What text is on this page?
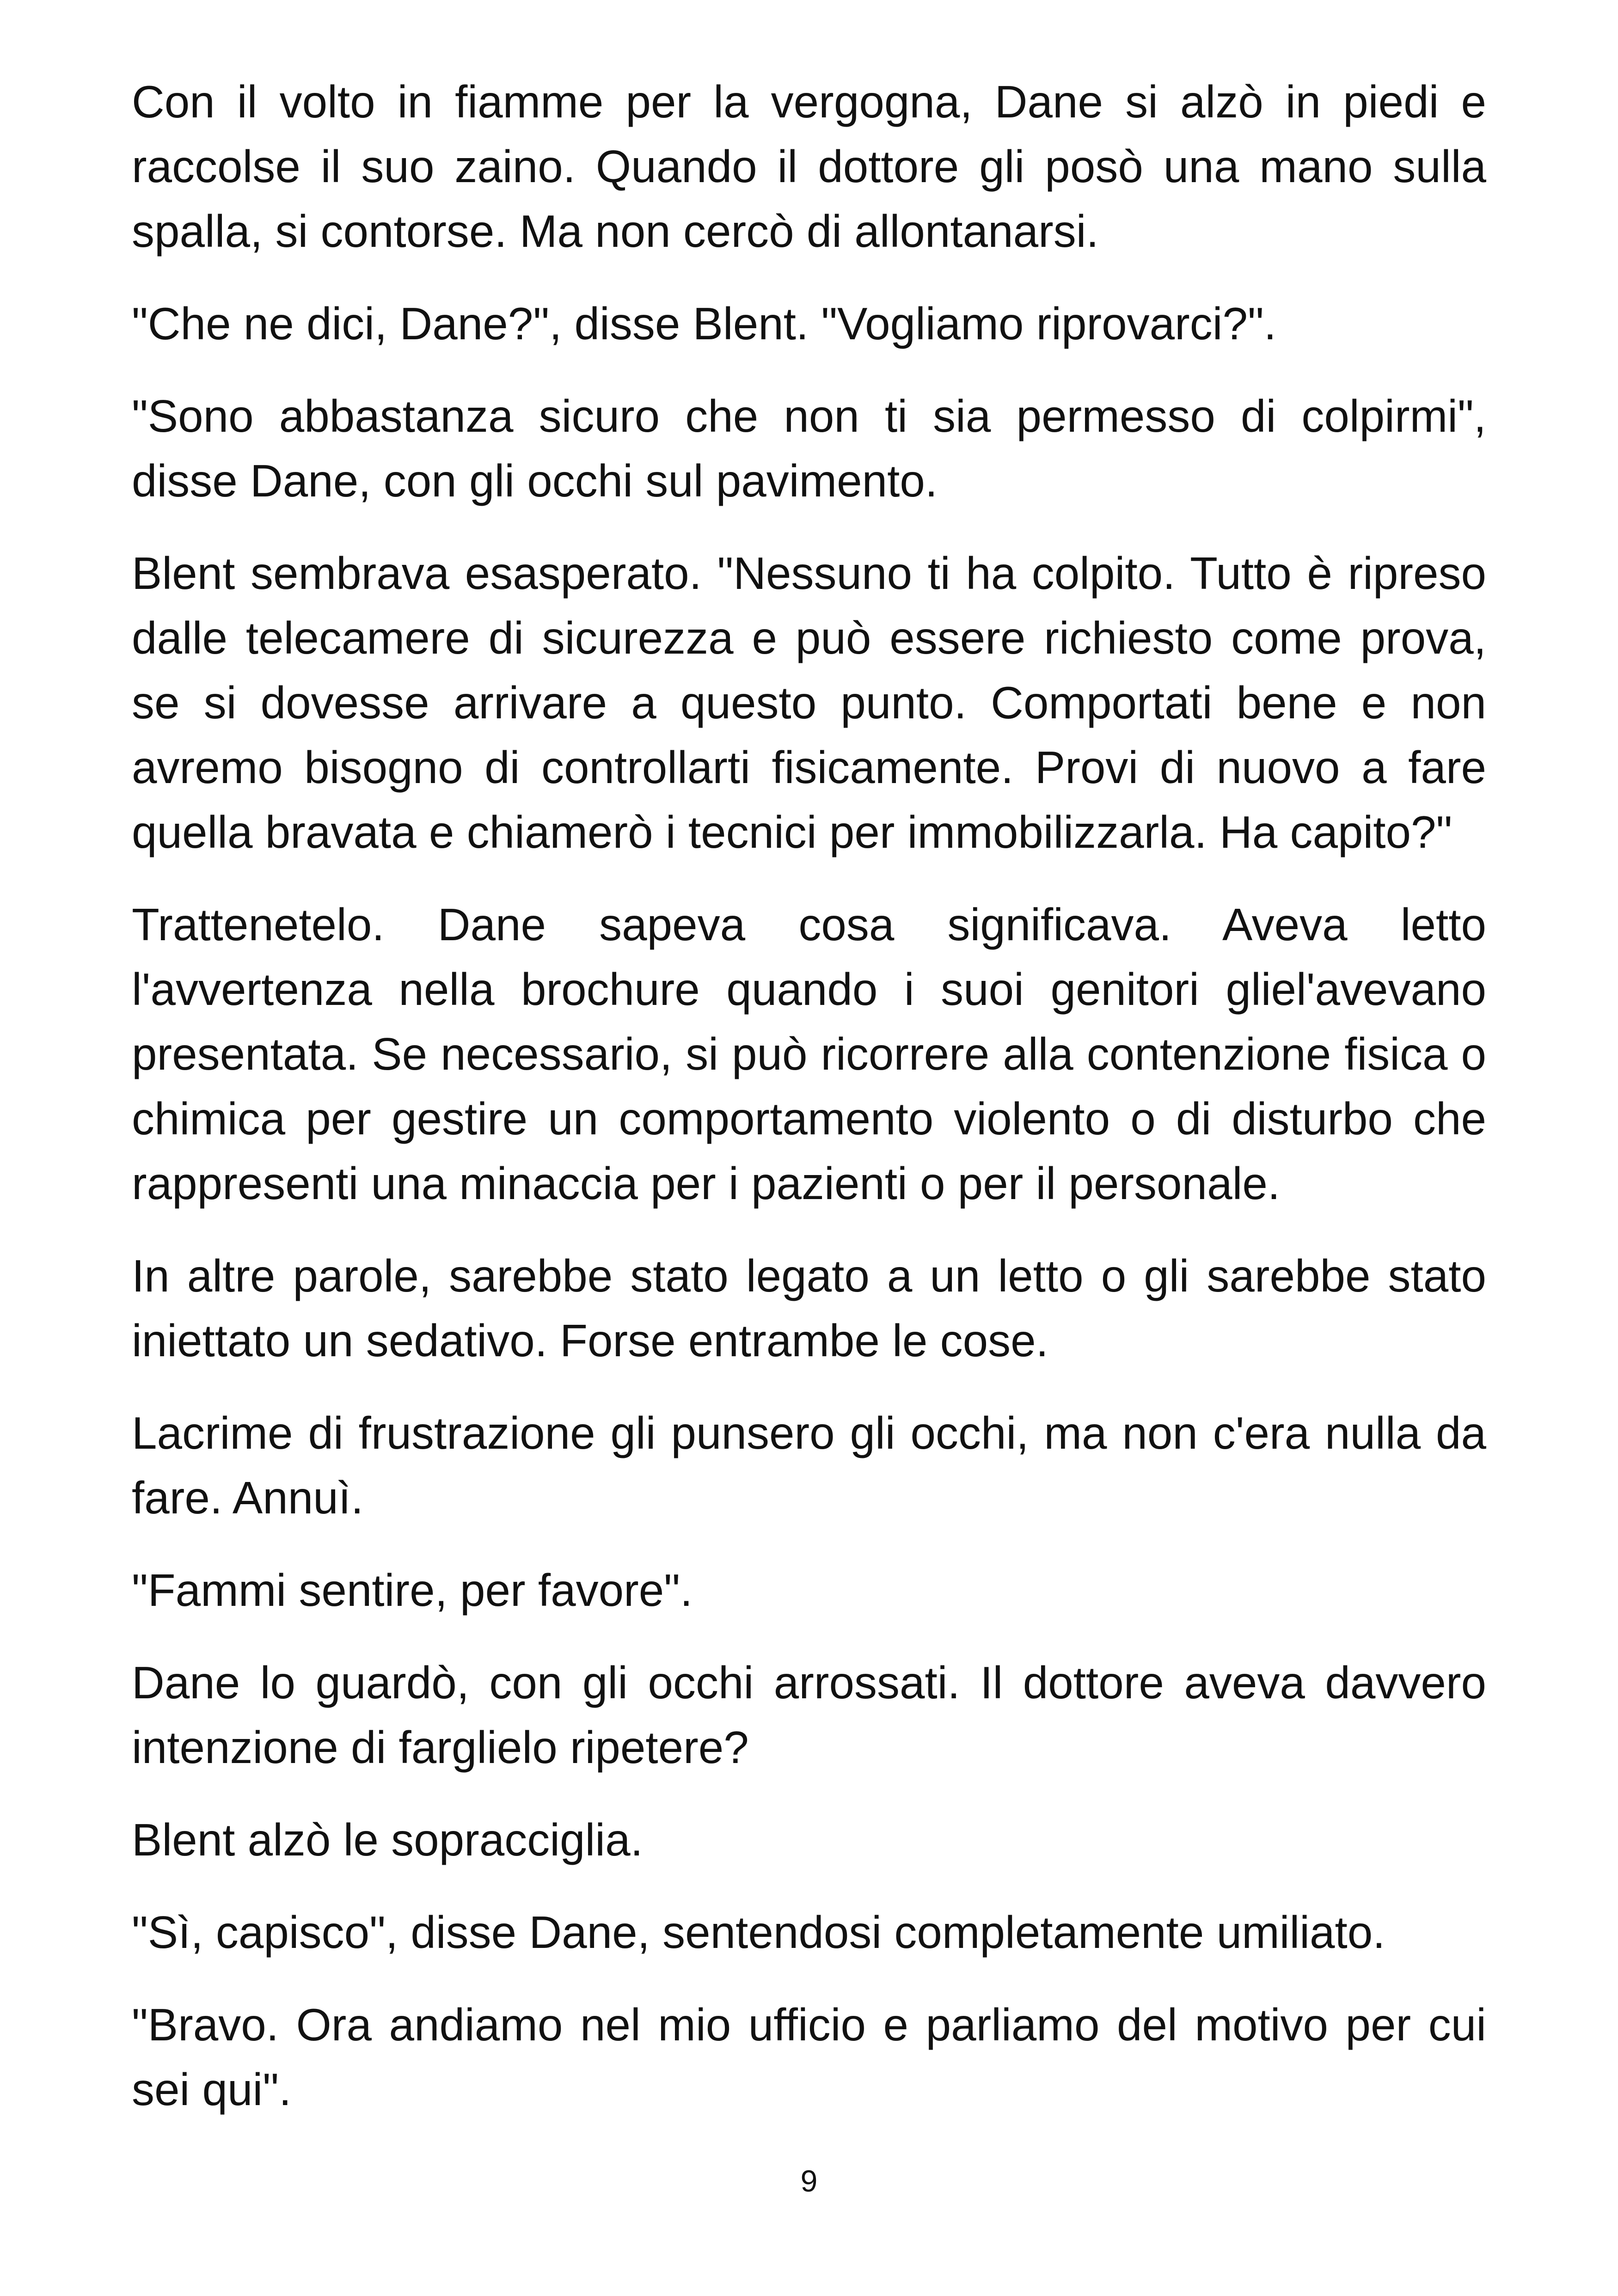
Con il volto in fiamme per la vergogna, Dane si alzò in piedi e raccolse il suo zaino. Quando il dottore gli posò una mano sulla spalla, si contorse. Ma non cercò di allontanarsi.

"Che ne dici, Dane?", disse Blent. "Vogliamo riprovarci?".

"Sono abbastanza sicuro che non ti sia permesso di colpirmi", disse Dane, con gli occhi sul pavimento.

Blent sembrava esasperato. "Nessuno ti ha colpito. Tutto è ripreso dalle telecamere di sicurezza e può essere richiesto come prova, se si dovesse arrivare a questo punto. Comportati bene e non avremo bisogno di controllarti fisicamente. Provi di nuovo a fare quella bravata e chiamerò i tecnici per immobilizzarla. Ha capito?"

Trattenetelo. Dane sapeva cosa significava. Aveva letto l'avvertenza nella brochure quando i suoi genitori gliel'avevano presentata. Se necessario, si può ricorrere alla contenzione fisica o chimica per gestire un comportamento violento o di disturbo che rappresenti una minaccia per i pazienti o per il personale.

In altre parole, sarebbe stato legato a un letto o gli sarebbe stato iniettato un sedativo. Forse entrambe le cose.

Lacrime di frustrazione gli punsero gli occhi, ma non c'era nulla da fare. Annuì.

"Fammi sentire, per favore".

Dane lo guardò, con gli occhi arrossati. Il dottore aveva davvero intenzione di farglielo ripetere?

Blent alzò le sopracciglia.

"Sì, capisco", disse Dane, sentendosi completamente umiliato.

"Bravo. Ora andiamo nel mio ufficio e parliamo del motivo per cui sei qui".

9
